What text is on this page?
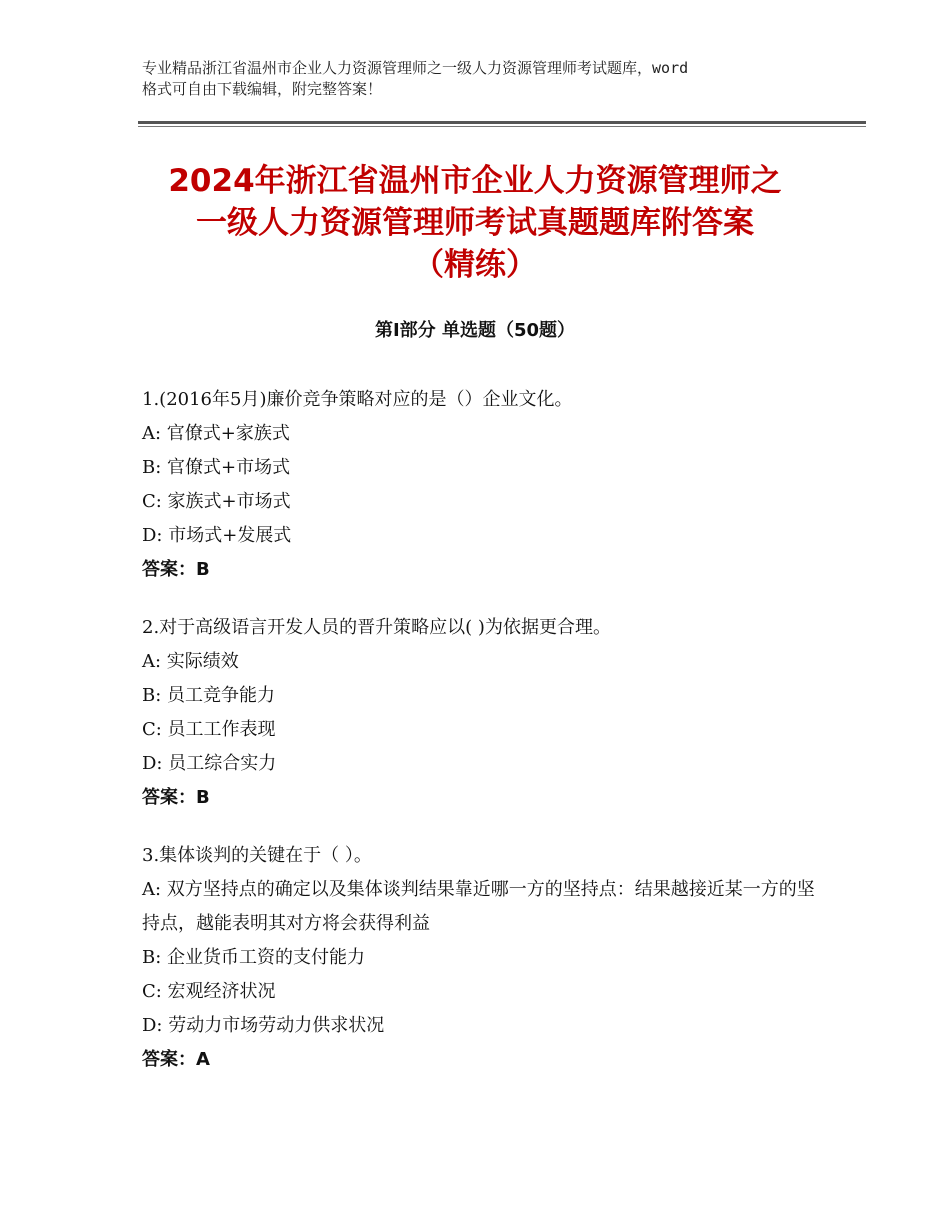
专业精品浙江省温州市企业人力资源管理师之一级人力资源管理师考试题库，word
格式可自由下载编辑，附完整答案！
2024年浙江省温州市企业人力资源管理师之
一级人力资源管理师考试真题题库附答案
（精练）
第Ⅰ部分 单选题（50题）
1.(2016年5月)廉价竞争策略对应的是（）企业文化。
A: 官僚式+家族式
B: 官僚式+市场式
C: 家族式+市场式
D: 市场式+发展式
答案：B
2.对于高级语言开发人员的晋升策略应以( )为依据更合理。
A: 实际绩效
B: 员工竞争能力
C: 员工工作表现
D: 员工综合实力
答案：B
3.集体谈判的关键在于（ ）。
A: 双方坚持点的确定以及集体谈判结果靠近哪一方的坚持点：结果越接近某一方的坚持点，越能表明其对方将会获得利益
B: 企业货币工资的支付能力
C: 宏观经济状况
D: 劳动力市场劳动力供求状况
答案：A
